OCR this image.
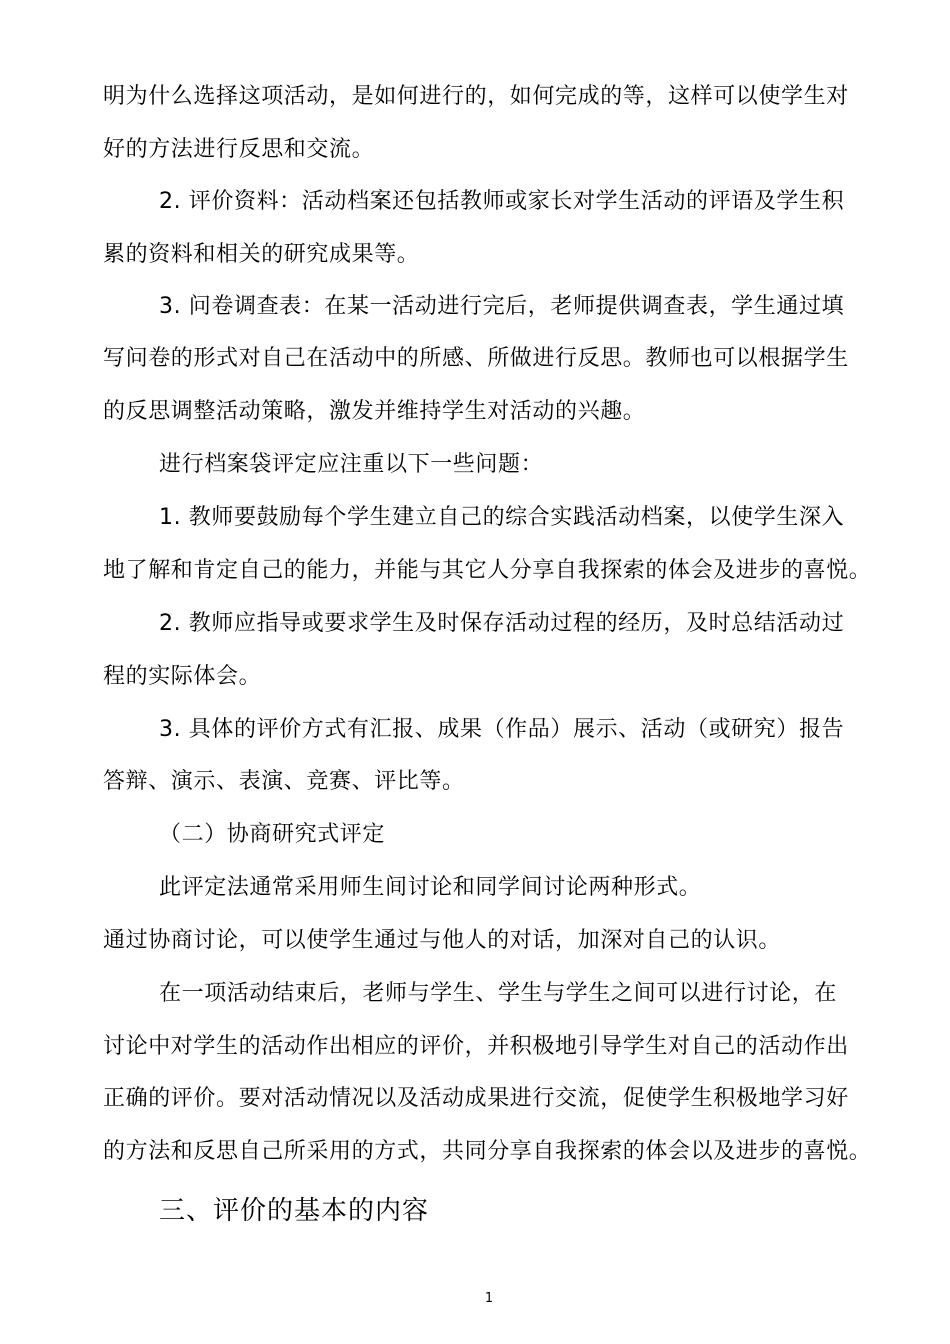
明为什么选择这项活动，是如何进行的，如何完成的等，这样可以使学生对
好的方法进行反思和交流。
2. 评价资料：活动档案还包括教师或家长对学生活动的评语及学生积
累的资料和相关的研究成果等。
3. 问卷调查表：在某一活动进行完后，老师提供调查表，学生通过填
写问卷的形式对自己在活动中的所感、所做进行反思。教师也可以根据学生
的反思调整活动策略，激发并维持学生对活动的兴趣。
进行档案袋评定应注重以下一些问题：
1. 教师要鼓励每个学生建立自己的综合实践活动档案，以使学生深入
地了解和肯定自己的能力，并能与其它人分享自我探索的体会及进步的喜悦。
2. 教师应指导或要求学生及时保存活动过程的经历，及时总结活动过
程的实际体会。
3. 具体的评价方式有汇报、成果（作品）展示、活动（或研究）报告
答辩、演示、表演、竞赛、评比等。
（二）协商研究式评定
此评定法通常采用师生间讨论和同学间讨论两种形式。
通过协商讨论，可以使学生通过与他人的对话，加深对自己的认识。
在一项活动结束后，老师与学生、学生与学生之间可以进行讨论，在
讨论中对学生的活动作出相应的评价，并积极地引导学生对自己的活动作出
正确的评价。要对活动情况以及活动成果进行交流，促使学生积极地学习好
的方法和反思自己所采用的方式，共同分享自我探索的体会以及进步的喜悦。
三、评价的基本的内容
1
